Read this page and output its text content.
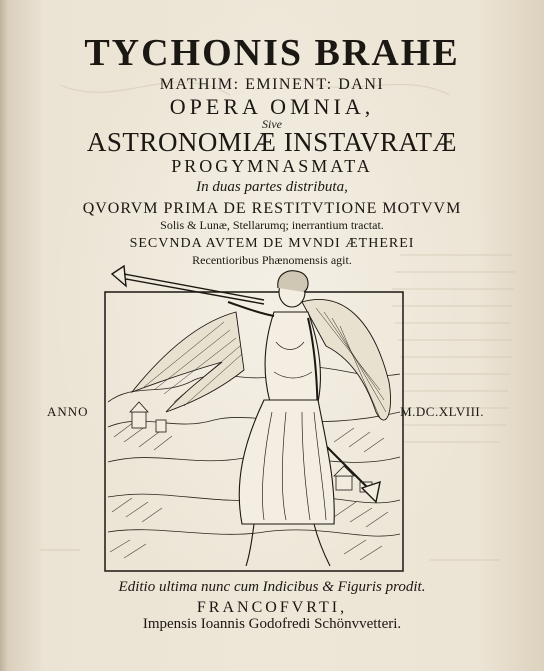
TYCHONIS BRAHE
MATHIM: EMINENT: DANI
OPERA OMNIA,
Sive
ASTRONOMIÆ INSTAVRATÆ
PROGYMNASMATA
In duas partes distributa,
QVORVM PRIMA DE RESTITVTIONE MOTVVM
Solis & Lunæ, Stellarumq; inerrantium tractat.
SECVNDA AVTEM DE MVNDI ÆTHEREI
Recentioribus Phænomensis agit.
ANNO	M.DC.XLVIII.
Editio ultima nunc cum Indicibus & Figuris prodit.
FRANCOFVRTI,
Impensis Ioannis Godofredi Schönvvetteri.
